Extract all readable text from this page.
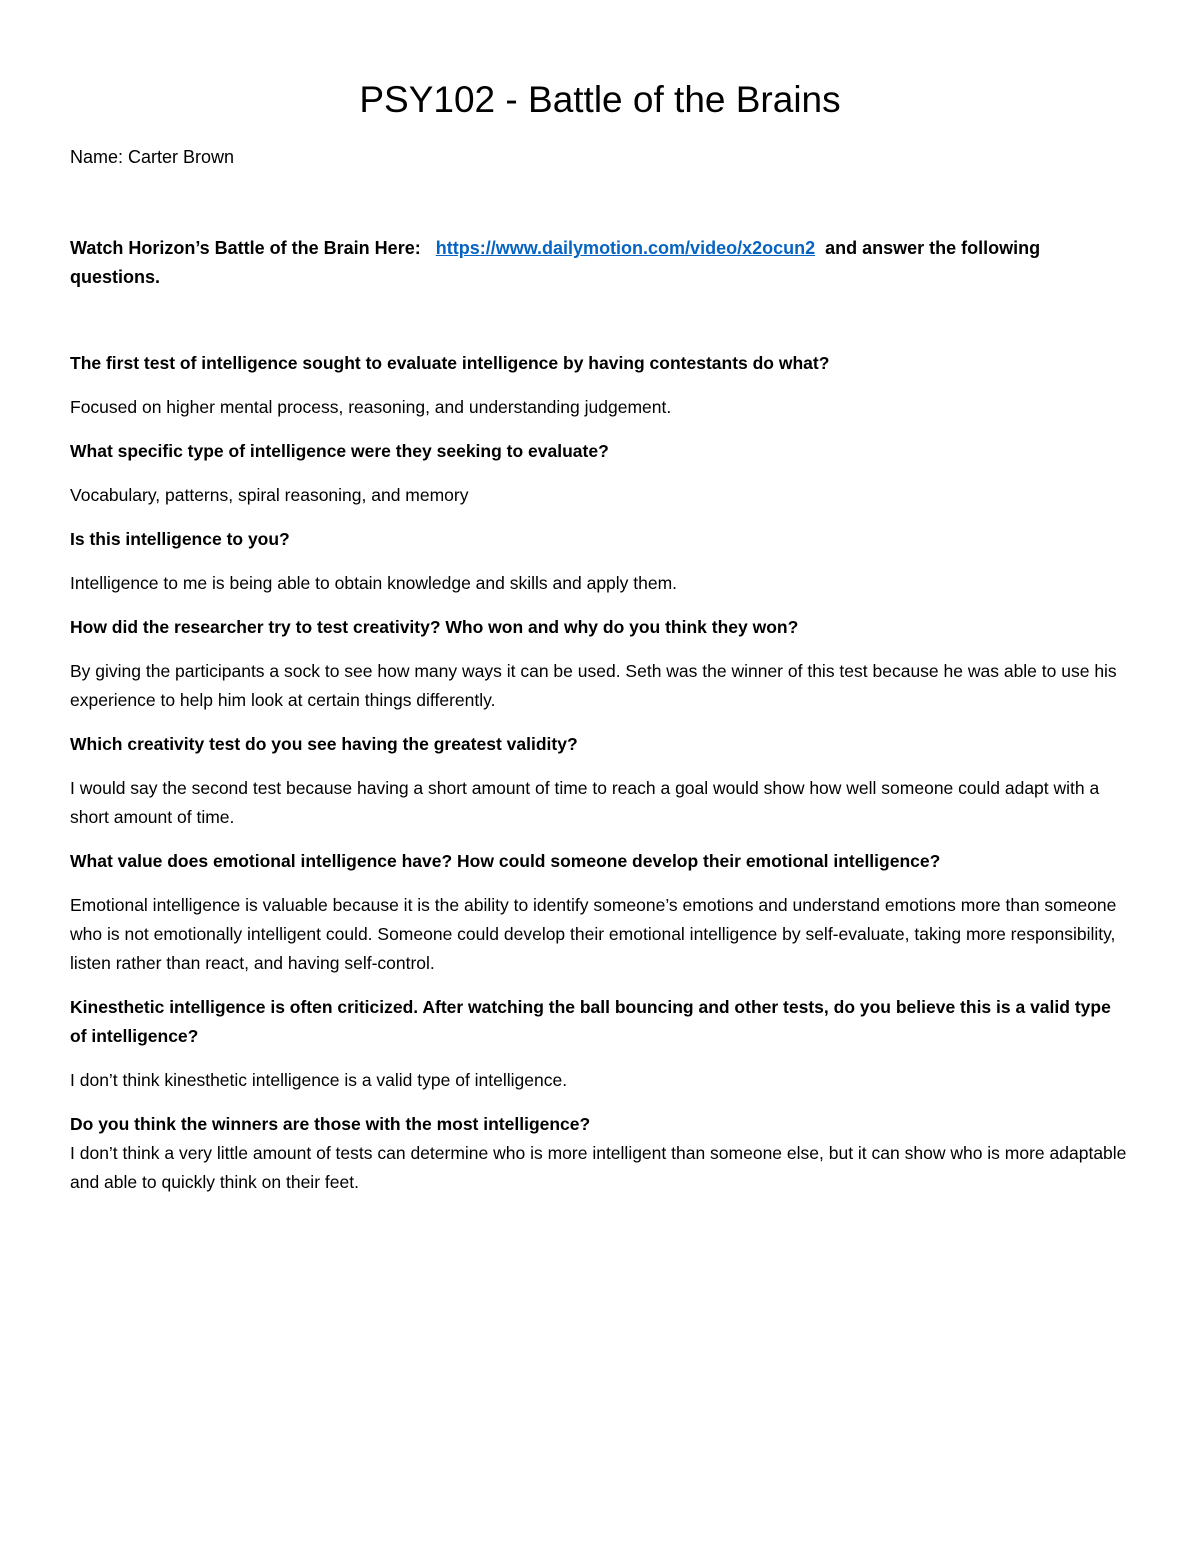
PSY102 - Battle of the Brains

Name: Carter Brown

Watch Horizon’s Battle of the Brain Here: https://www.dailymotion.com/video/x2ocun2 and answer the following questions.

The first test of intelligence sought to evaluate intelligence by having contestants do what?

Focused on higher mental process, reasoning, and understanding judgement.

What specific type of intelligence were they seeking to evaluate?

Vocabulary, patterns, spiral reasoning, and memory

Is this intelligence to you?

Intelligence to me is being able to obtain knowledge and skills and apply them.

How did the researcher try to test creativity? Who won and why do you think they won?

By giving the participants a sock to see how many ways it can be used. Seth was the winner of this test because he was able to use his experience to help him look at certain things differently.

Which creativity test do you see having the greatest validity?

I would say the second test because having a short amount of time to reach a goal would show how well someone could adapt with a short amount of time.

What value does emotional intelligence have? How could someone develop their emotional intelligence?

Emotional intelligence is valuable because it is the ability to identify someone’s emotions and understand emotions more than someone who is not emotionally intelligent could. Someone could develop their emotional intelligence by self-evaluate, taking more responsibility, listen rather than react, and having self-control.

Kinesthetic intelligence is often criticized. After watching the ball bouncing and other tests, do you believe this is a valid type of intelligence?

I don’t think kinesthetic intelligence is a valid type of intelligence.

Do you think the winners are those with the most intelligence?

I don’t think a very little amount of tests can determine who is more intelligent than someone else, but it can show who is more adaptable and able to quickly think on their feet.
